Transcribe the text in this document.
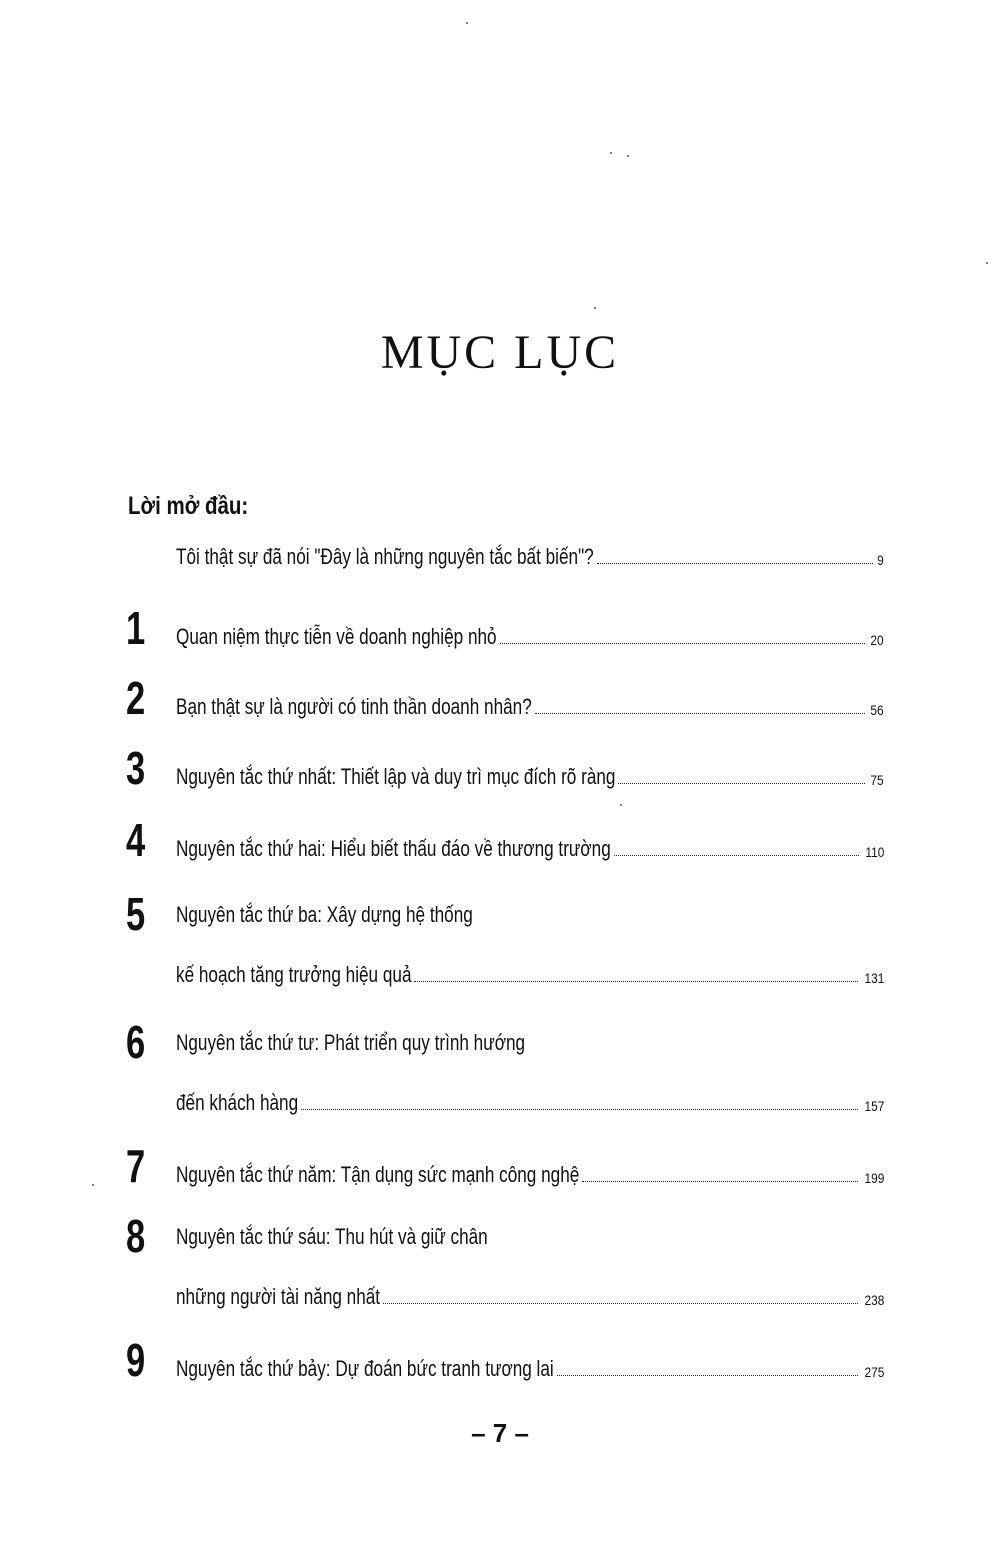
MỤC LỤC
Lời mở đầu:
Tôi thật sự đã nói "Đây là những nguyên tắc bất biến"?	9
1	Quan niệm thực tiễn về doanh nghiệp nhỏ	20
2	Bạn thật sự là người có tinh thần doanh nhân?	56
3	Nguyên tắc thứ nhất: Thiết lập và duy trì mục đích rõ ràng	75
4	Nguyên tắc thứ hai: Hiểu biết thấu đáo về thương trường	110
5	Nguyên tắc thứ ba: Xây dựng hệ thống
kế hoạch tăng trưởng hiệu quả	131
6	Nguyên tắc thứ tư: Phát triển quy trình hướng
đến khách hàng	157
7	Nguyên tắc thứ năm: Tận dụng sức mạnh công nghệ	199
8	Nguyên tắc thứ sáu: Thu hút và giữ chân
những người tài năng nhất	238
9	Nguyên tắc thứ bảy: Dự đoán bức tranh tương lai	275
– 7 –
